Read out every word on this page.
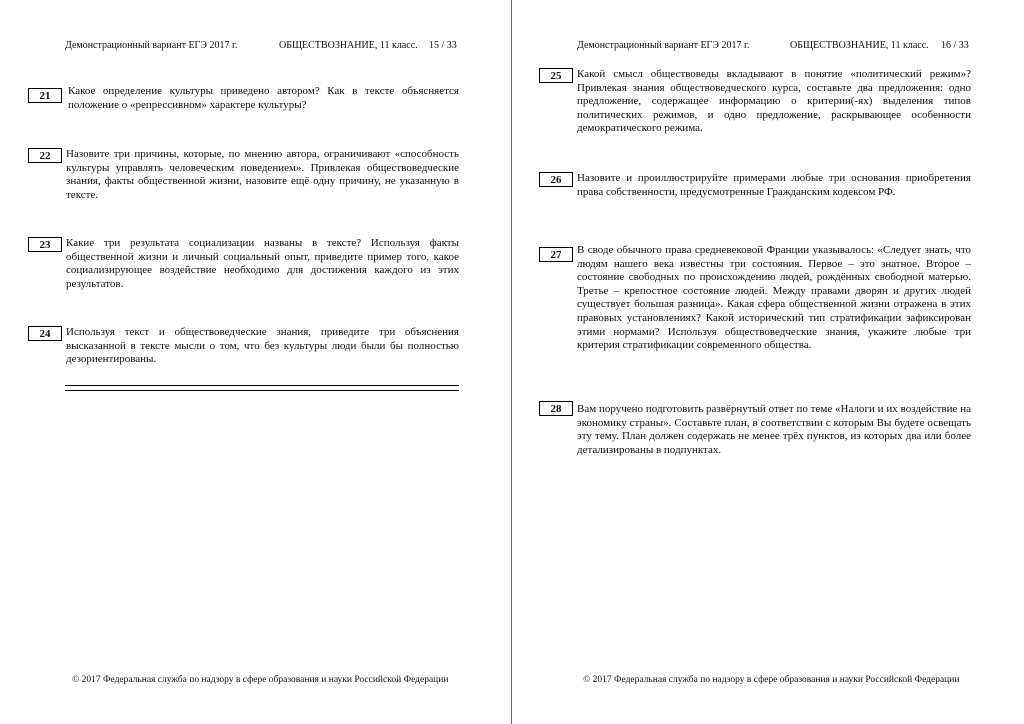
Демонстрационный вариант ЕГЭ 2017 г.	ОБЩЕСТВОЗНАНИЕ, 11 класс. 15 / 33
21	Какое определение культуры приведено автором? Как в тексте объясняется положение о «репрессивном» характере культуры?
22	Назовите три причины, которые, по мнению автора, ограничивают «способность культуры управлять человеческим поведением». Привлекая обществоведческие знания, факты общественной жизни, назовите ещё одну причину, не указанную в тексте.
23	Какие три результата социализации названы в тексте? Используя факты общественной жизни и личный социальный опыт, приведите пример того, какое социализирующее воздействие необходимо для достижения каждого из этих результатов.
24	Используя текст и обществоведческие знания, приведите три объяснения высказанной в тексте мысли о том, что без культуры люди были бы полностью дезориентированы.
© 2017 Федеральная служба по надзору в сфере образования и науки Российской Федерации
Демонстрационный вариант ЕГЭ 2017 г.	ОБЩЕСТВОЗНАНИЕ, 11 класс. 16 / 33
25	Какой смысл обществоведы вкладывают в понятие «политический режим»? Привлекая знания обществоведческого курса, составьте два предложения: одно предложение, содержащее информацию о критерии(-ях) выделения типов политических режимов, и одно предложение, раскрывающее особенности демократического режима.
26	Назовите и проиллюстрируйте примерами любые три основания приобретения права собственности, предусмотренные Гражданским кодексом РФ.
27	В своде обычного права средневековой Франции указывалось: «Следует знать, что людям нашего века известны три состояния. Первое – это знатное. Второе – состояние свободных по происхождению людей, рождённых свободной матерью. Третье – крепостное состояние людей. Между правами дворян и других людей существует большая разница». Какая сфера общественной жизни отражена в этих правовых установлениях? Какой исторический тип стратификации зафиксирован этими нормами? Используя обществоведческие знания, укажите любые три критерия стратификации современного общества.
28	Вам поручено подготовить развёрнутый ответ по теме «Налоги и их воздействие на экономику страны». Составьте план, в соответствии с которым Вы будете освещать эту тему. План должен содержать не менее трёх пунктов, из которых два или более детализированы в подпунктах.
© 2017 Федеральная служба по надзору в сфере образования и науки Российской Федерации
